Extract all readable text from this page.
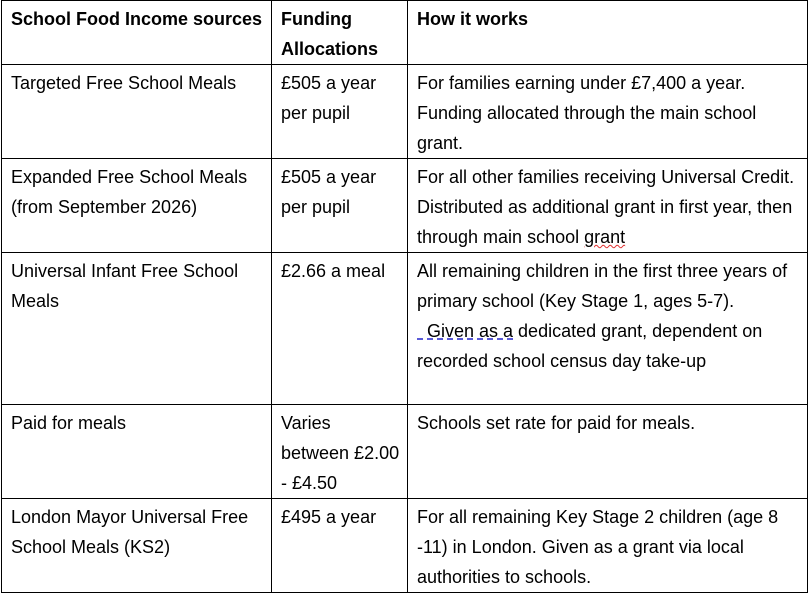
School Food Income sources	Funding Allocations	How it works
Targeted Free School Meals	£505 a year per pupil	For families earning under £7,400 a year. Funding allocated through the main school grant.
Expanded Free School Meals (from September 2026)	£505 a year per pupil	For all other families receiving Universal Credit. Distributed as additional grant in first year, then through main school grant
Universal Infant Free School Meals	£2.66 a meal	All remaining children in the first three years of primary school (Key Stage 1, ages 5-7).  Given as a dedicated grant, dependent on recorded school census day take-up
Paid for meals	Varies between £2.00 - £4.50	Schools set rate for paid for meals.
London Mayor Universal Free School Meals (KS2)	£495 a year	For all remaining Key Stage 2 children (age 8 -11) in London. Given as a grant via local authorities to schools.
